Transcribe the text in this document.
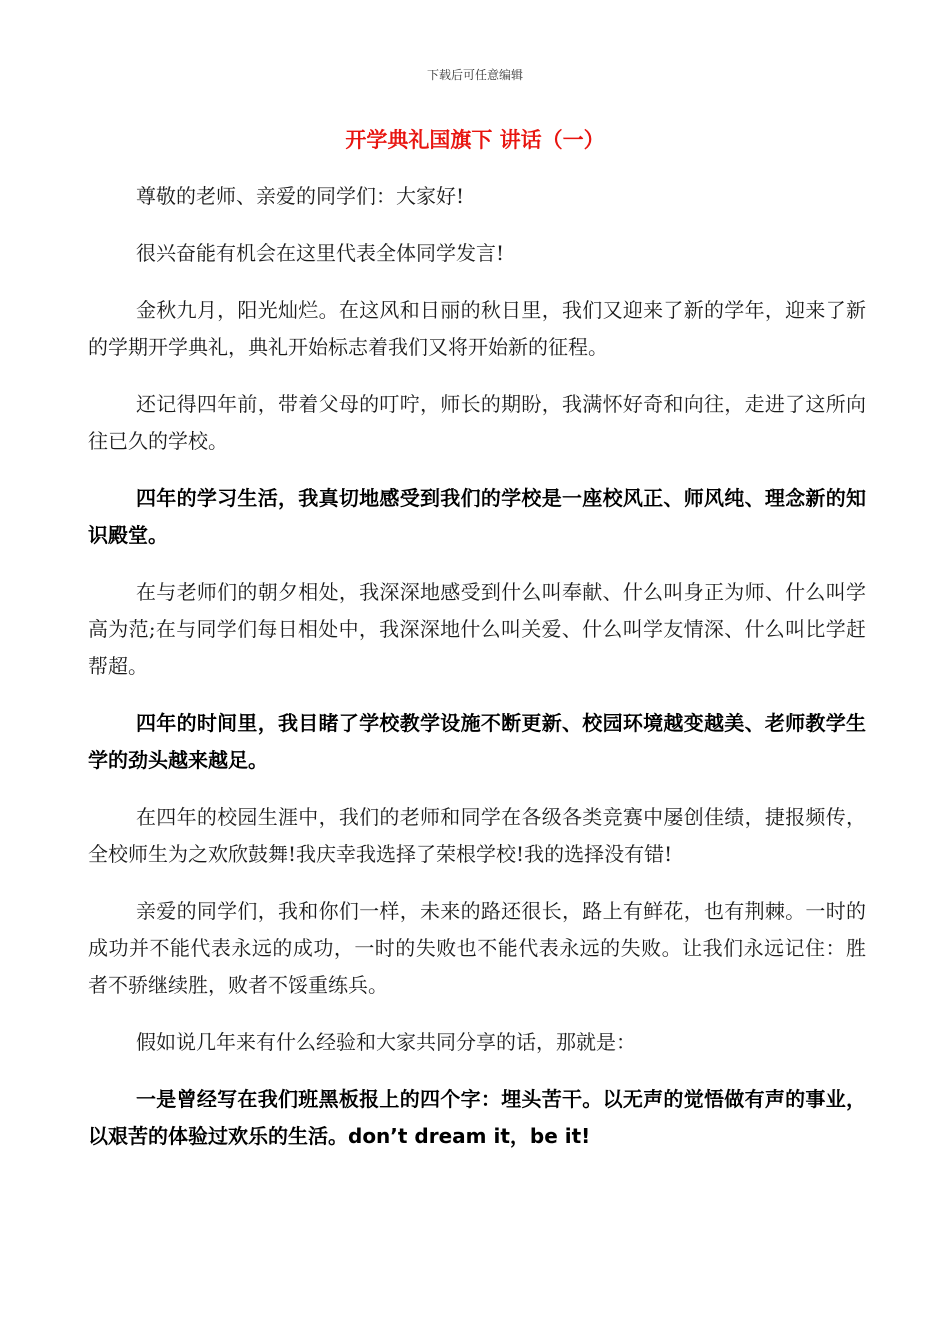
下载后可任意编辑
开学典礼国旗下 讲话（一）

尊敬的老师、亲爱的同学们：大家好!

很兴奋能有机会在这里代表全体同学发言!

金秋九月，阳光灿烂。在这风和日丽的秋日里，我们又迎来了新的学年，迎来了新的学期开学典礼，典礼开始标志着我们又将开始新的征程。

还记得四年前，带着父母的叮咛，师长的期盼，我满怀好奇和向往，走进了这所向往已久的学校。

四年的学习生活，我真切地感受到我们的学校是一座校风正、师风纯、理念新的知识殿堂。

在与老师们的朝夕相处，我深深地感受到什么叫奉献、什么叫身正为师、什么叫学高为范;在与同学们每日相处中，我深深地什么叫关爱、什么叫学友情深、什么叫比学赶帮超。

四年的时间里，我目睹了学校教学设施不断更新、校园环境越变越美、老师教学生学的劲头越来越足。

在四年的校园生涯中，我们的老师和同学在各级各类竞赛中屡创佳绩，捷报频传，全校师生为之欢欣鼓舞!我庆幸我选择了荣根学校!我的选择没有错!

亲爱的同学们，我和你们一样，未来的路还很长，路上有鲜花，也有荆棘。一时的成功并不能代表永远的成功，一时的失败也不能代表永远的失败。让我们永远记住：胜者不骄继续胜，败者不馁重练兵。

假如说几年来有什么经验和大家共同分享的话，那就是：

一是曾经写在我们班黑板报上的四个字：埋头苦干。以无声的觉悟做有声的事业，以艰苦的体验过欢乐的生活。don’t dream it，be it!
